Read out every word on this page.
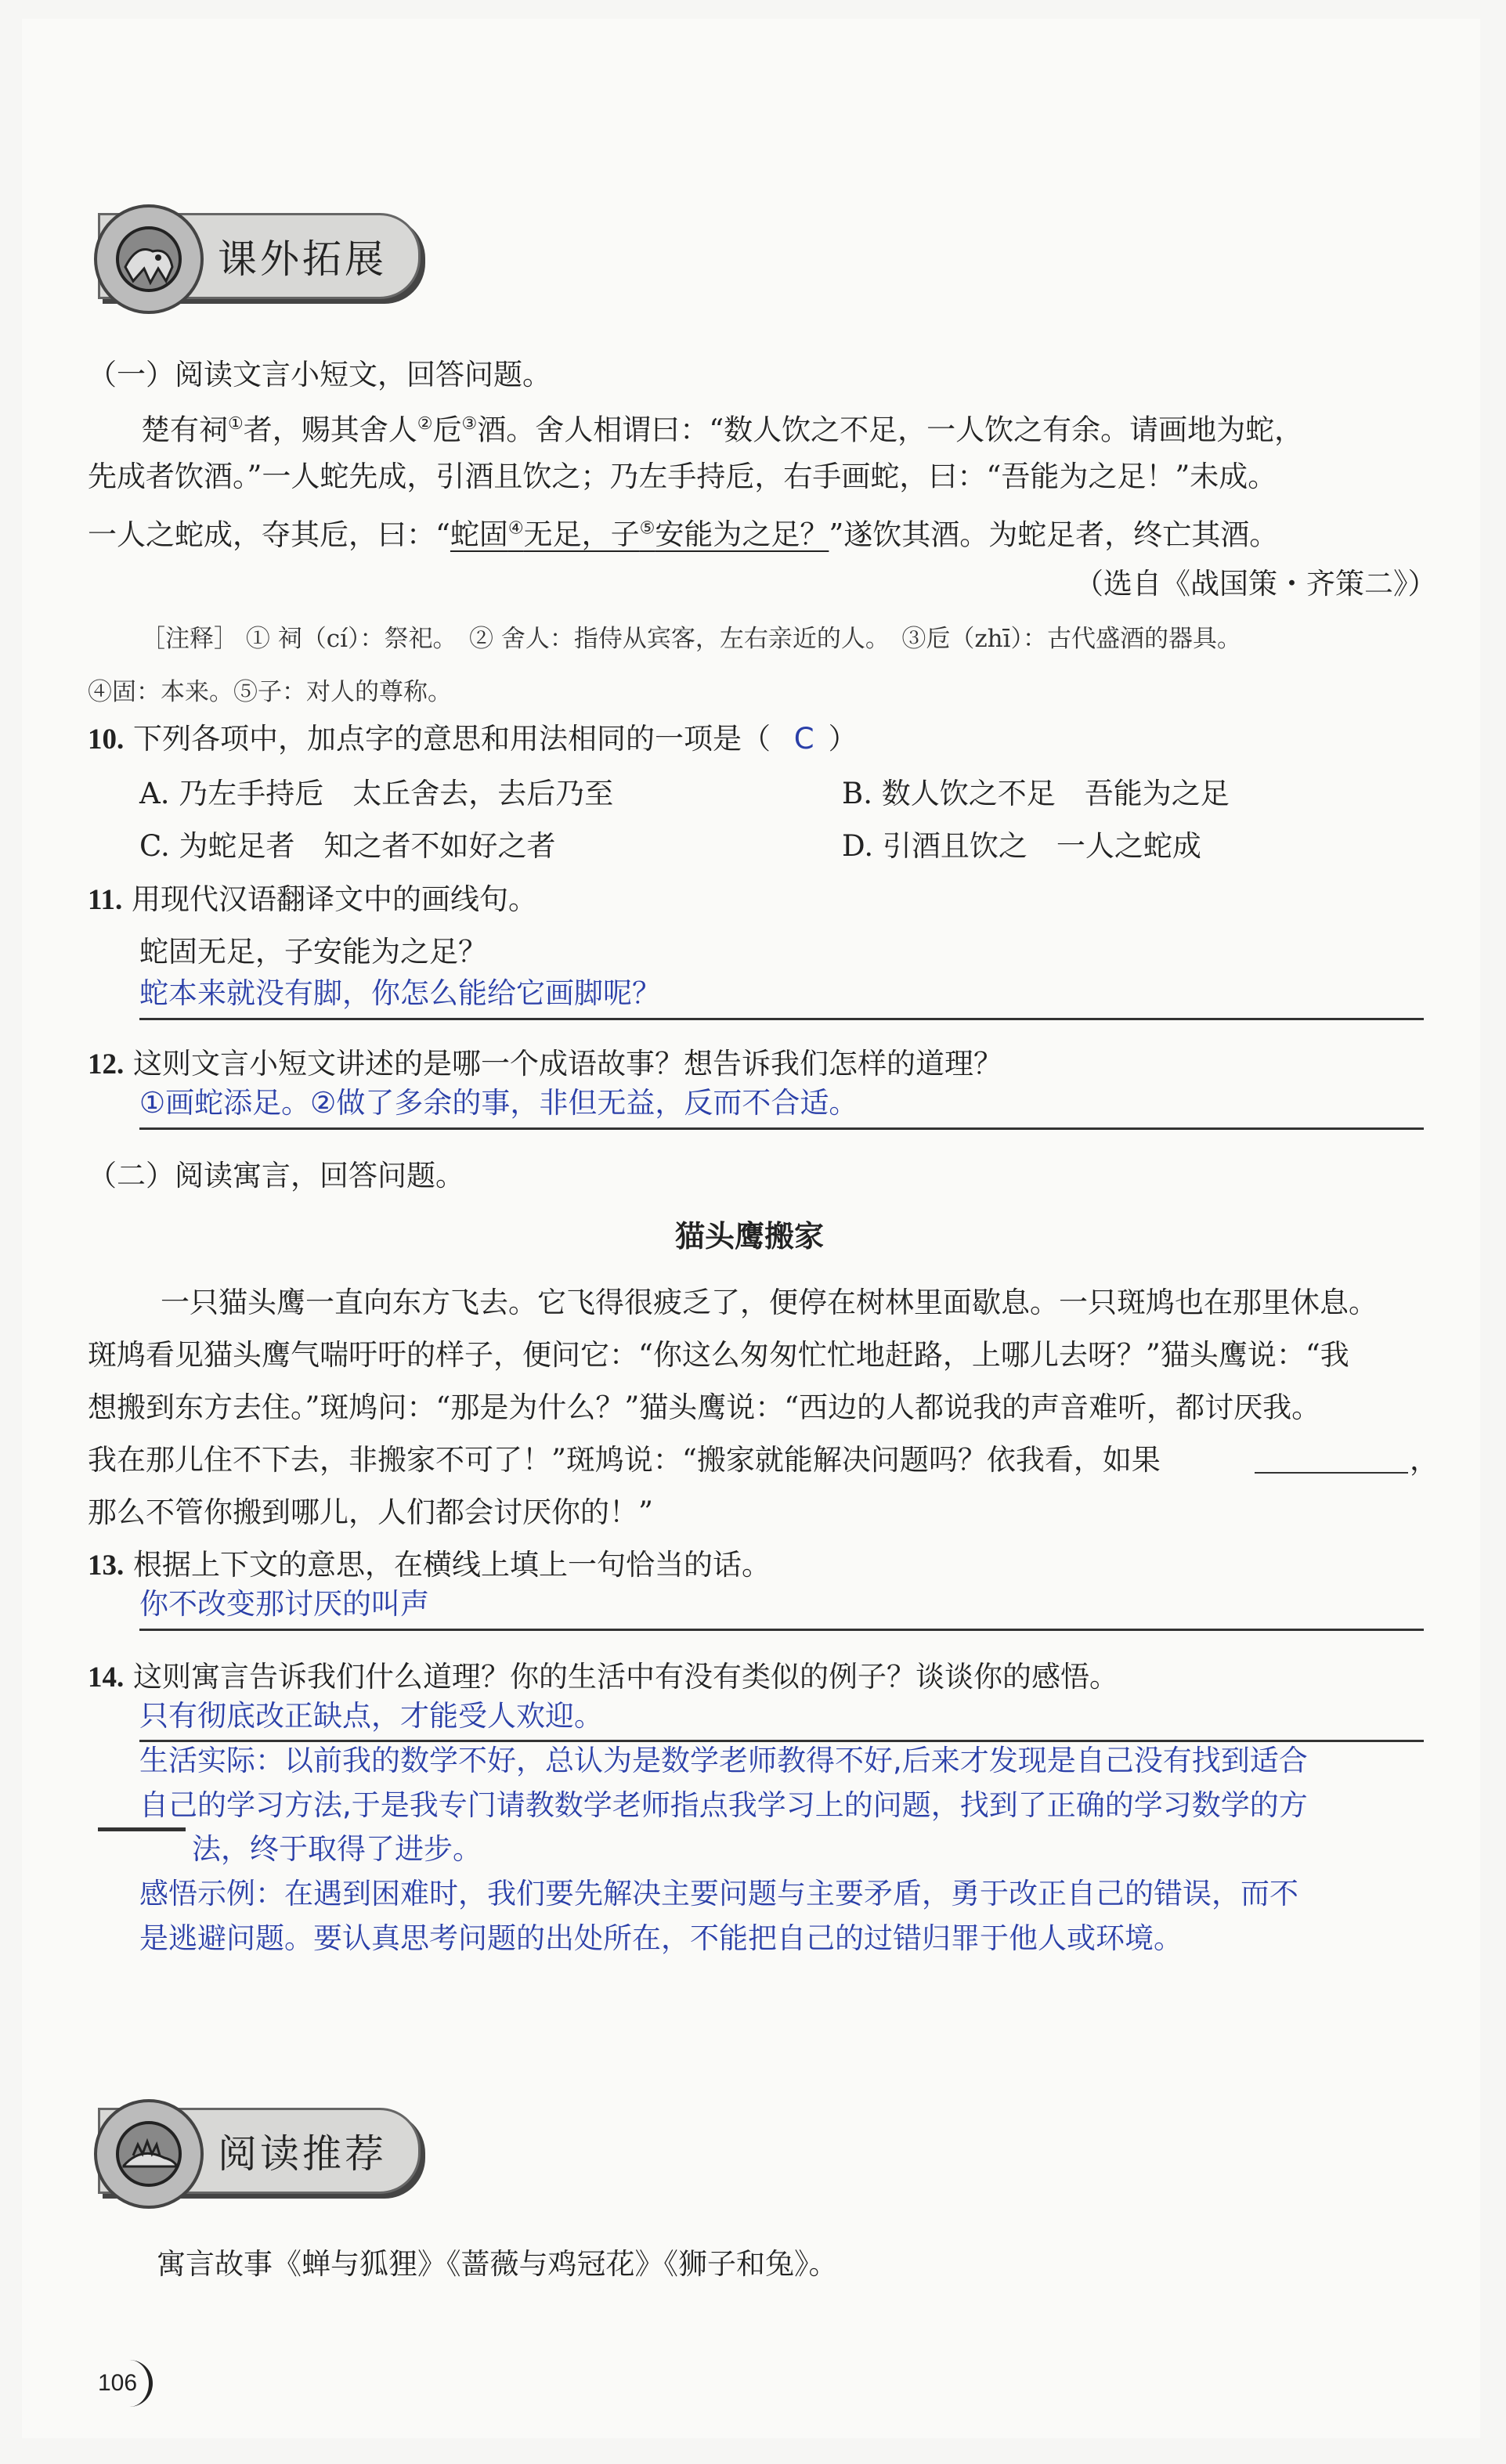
课外拓展
（一）阅读文言小短文，回答问题。
楚有祠①者，赐其舍人②卮③酒。舍人相谓曰：“数人饮之不足，一人饮之有余。请画地为蛇，
先成者饮酒。”一人蛇先成，引酒且饮之；乃左手持卮，右手画蛇，曰：“吾能为之足！”未成。
一人之蛇成，夺其卮，曰：“蛇固④无足，子⑤安能为之足？”遂饮其酒。为蛇足者，终亡其酒。
（选自《战国策・齐策二》）
［注释］ ① 祠（cí）：祭祀。　② 舍人：指侍从宾客，左右亲近的人。　③卮（zhī）：古代盛酒的器具。
④固：本来。⑤子：对人的尊称。
10. 下列各项中，加点字的意思和用法相同的一项是（ C ）
A. 乃左手持卮　太丘舍去，去后乃至	B. 数人饮之不足　吾能为之足
C. 为蛇足者　知之者不如好之者	D. 引酒且饮之　一人之蛇成
11. 用现代汉语翻译文中的画线句。
蛇固无足，子安能为之足？
蛇本来就没有脚，你怎么能给它画脚呢？
12. 这则文言小短文讲述的是哪一个成语故事？想告诉我们怎样的道理？
①画蛇添足。②做了多余的事，非但无益，反而不合适。
（二）阅读寓言，回答问题。
猫头鹰搬家
一只猫头鹰一直向东方飞去。它飞得很疲乏了，便停在树林里面歇息。一只斑鸠也在那里休息。
斑鸠看见猫头鹰气喘吁吁的样子，便问它：“你这么匆匆忙忙地赶路，上哪儿去呀？”猫头鹰说：“我
想搬到东方去住。”斑鸠问：“那是为什么？”猫头鹰说：“西边的人都说我的声音难听，都讨厌我。
我在那儿住不下去，非搬家不可了！”斑鸠说：“搬家就能解决问题吗？依我看，如果	，
那么不管你搬到哪儿，人们都会讨厌你的！”
13. 根据上下文的意思，在横线上填上一句恰当的话。
你不改变那讨厌的叫声
14. 这则寓言告诉我们什么道理？你的生活中有没有类似的例子？谈谈你的感悟。
只有彻底改正缺点，才能受人欢迎。
生活实际：以前我的数学不好，总认为是数学老师教得不好,后来才发现是自己没有找到适合
自己的学习方法,于是我专门请教数学老师指点我学习上的问题，找到了正确的学习数学的方
法，终于取得了进步。
感悟示例：在遇到困难时，我们要先解决主要问题与主要矛盾，勇于改正自己的错误，而不
是逃避问题。要认真思考问题的出处所在，不能把自己的过错归罪于他人或环境。
阅读推荐
寓言故事《蝉与狐狸》《蔷薇与鸡冠花》《狮子和兔》。
106
